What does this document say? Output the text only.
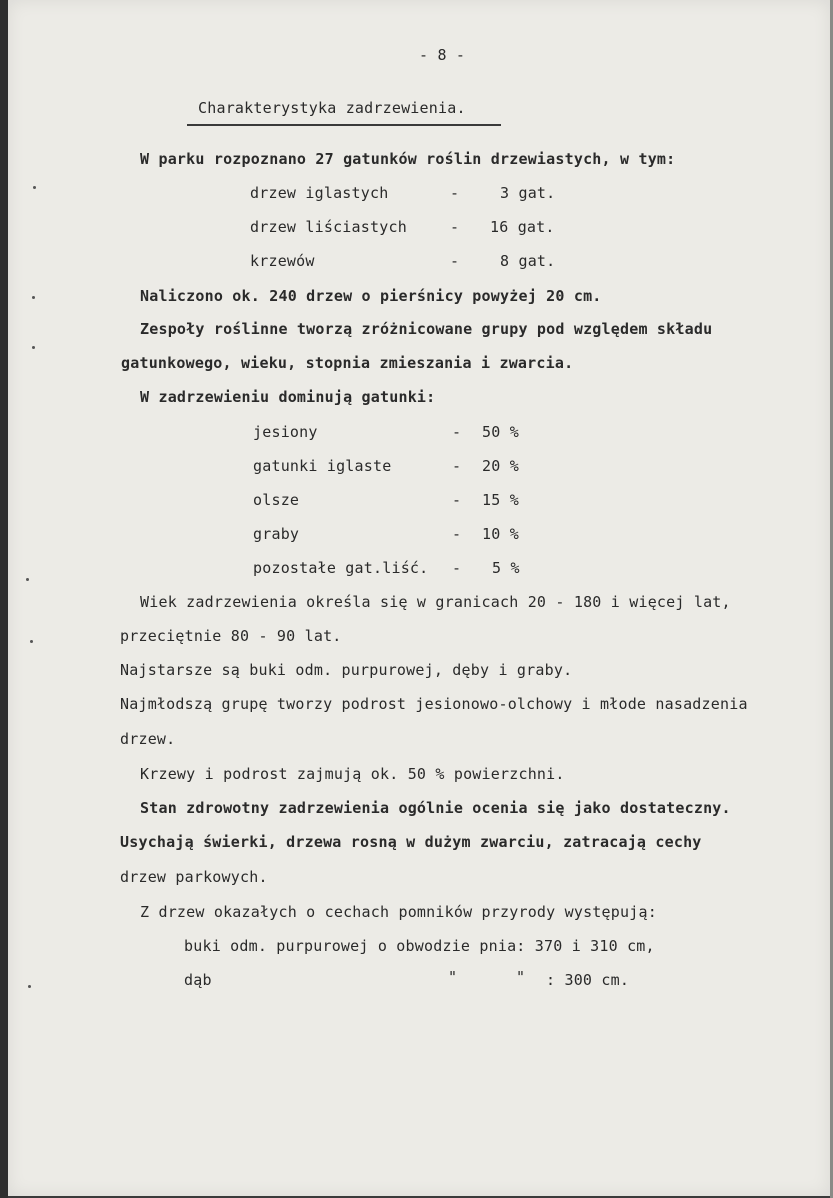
- 8 -
Charakterystyka zadrzewienia.
W parku rozpoznano 27 gatunków roślin drzewiastych, w tym:
drzew iglastych	-	3 gat.
drzew liściastych	- 16 gat.
krzewów	-	8 gat.
Naliczono ok. 240 drzew o pierśnicy powyżej 20 cm.
Zespoły roślinne tworzą zróżnicowane grupy pod względem składu
gatunkowego, wieku, stopnia zmieszania i zwarcia.
W zadrzewieniu dominują gatunki:
jesiony	- 50 %
gatunki iglaste	- 20 %
olsze	- 15 %
graby	- 10 %
pozostałe gat.liść. - 5 %
Wiek zadrzewienia określa się w granicach 20 - 180 i więcej lat,
przeciętnie 80 - 90 lat.
Najstarsze są buki odm. purpurowej, dęby i graby.
Najmłodszą grupę tworzy podrost jesionowo-olchowy i młode nasadzenia
drzew.
Krzewy i podrost zajmują ok. 50 % powierzchni.
Stan zdrowotny zadrzewienia ogólnie ocenia się jako dostateczny.
Usychają świerki, drzewa rosną w dużym zwarciu, zatracają cechy
drzew parkowych.
Z drzew okazałych o cechach pomników przyrody występują:
buki odm. purpurowej o obwodzie pnia: 370 i 310 cm,
dąb	"	" : 300 cm.
